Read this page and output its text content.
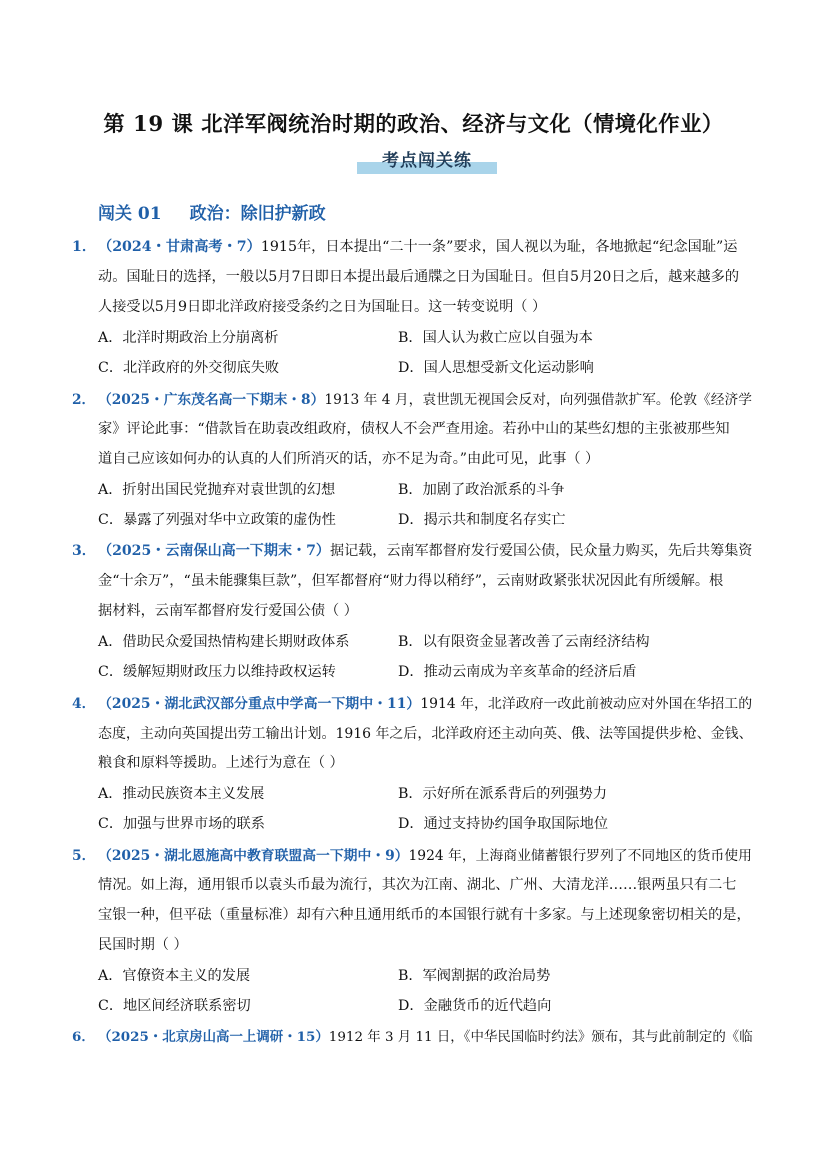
第 19 课 北洋军阀统治时期的政治、经济与文化（情境化作业）
考点闯关练
闯关 01 政治：除旧护新政
1． （2024・甘肃高考・7）1915年，日本提出“二十一条”要求，国人视以为耻，各地掀起“纪念国耻”运
动。国耻日的选择，一般以5月7日即日本提出最后通牒之日为国耻日。但自5月20日之后，越来越多的
人接受以5月9日即北洋政府接受条约之日为国耻日。这一转变说明（ ）
A．北洋时期政治上分崩离析	B．国人认为救亡应以自强为本
C．北洋政府的外交彻底失败	D．国人思想受新文化运动影响
2． （2025・广东茂名高一下期末・8）1913 年 4 月，袁世凯无视国会反对，向列强借款扩军。伦敦《经济学
家》评论此事：“借款旨在助袁改组政府，债权人不会严查用途。若孙中山的某些幻想的主张被那些知
道自己应该如何办的认真的人们所消灭的话，亦不足为奇。”由此可见，此事（ ）
A．折射出国民党抛弃对袁世凯的幻想	B．加剧了政治派系的斗争
C．暴露了列强对华中立政策的虚伪性	D．揭示共和制度名存实亡
3． （2025・云南保山高一下期末・7）据记载，云南军都督府发行爱国公债，民众量力购买，先后共筹集资
金“十余万”，“虽未能骤集巨款”，但军都督府“财力得以稍纾”，云南财政紧张状况因此有所缓解。根
据材料，云南军都督府发行爱国公债（ ）
A．借助民众爱国热情构建长期财政体系	B．以有限资金显著改善了云南经济结构
C．缓解短期财政压力以维持政权运转	D．推动云南成为辛亥革命的经济后盾
4． （2025・湖北武汉部分重点中学高一下期中・11）1914 年，北洋政府一改此前被动应对外国在华招工的
态度，主动向英国提出劳工输出计划。1916 年之后，北洋政府还主动向英、俄、法等国提供步枪、金钱、
粮食和原料等援助。上述行为意在（ ）
A．推动民族资本主义发展	B．示好所在派系背后的列强势力
C．加强与世界市场的联系	D．通过支持协约国争取国际地位
5． （2025・湖北恩施高中教育联盟高一下期中・9）1924 年，上海商业储蓄银行罗列了不同地区的货币使用
情况。如上海，通用银币以袁头币最为流行，其次为江南、湖北、广州、大清龙洋……银两虽只有二七
宝银一种，但平砝（重量标准）却有六种且通用纸币的本国银行就有十多家。与上述现象密切相关的是，
民国时期（ ）
A．官僚资本主义的发展	B．军阀割据的政治局势
C．地区间经济联系密切	D．金融货币的近代趋向
6． （2025・北京房山高一上调研・15）1912 年 3 月 11 日，《中华民国临时约法》颁布，其与此前制定的《临
